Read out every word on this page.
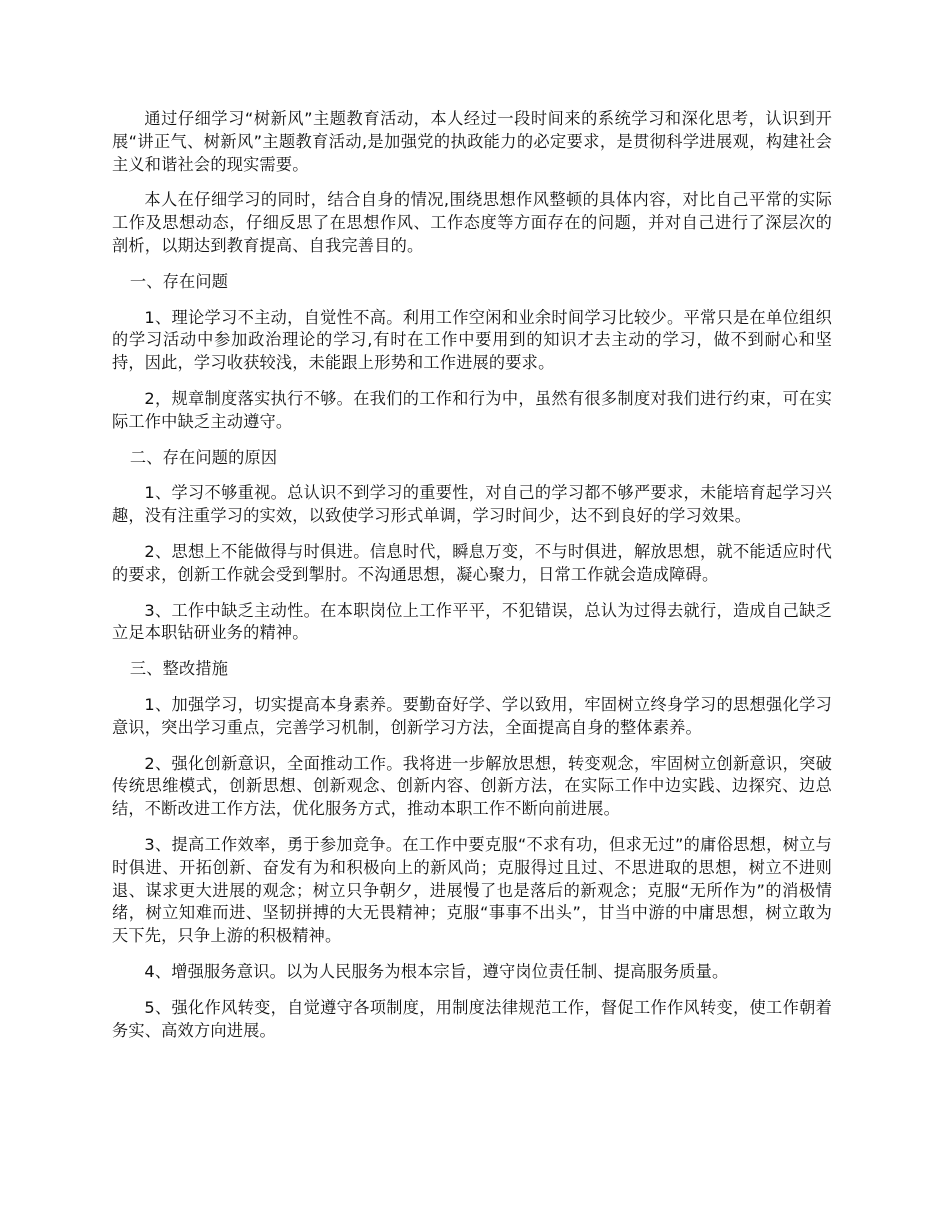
通过仔细学习“树新风”主题教育活动，本人经过一段时间来的系统学习和深化思考，认识到开展“讲正气、树新风”主题教育活动,是加强党的执政能力的必定要求，是贯彻科学进展观，构建社会主义和谐社会的现实需要。

本人在仔细学习的同时，结合自身的情况,围绕思想作风整顿的具体内容，对比自己平常的实际工作及思想动态，仔细反思了在思想作风、工作态度等方面存在的问题，并对自己进行了深层次的剖析，以期达到教育提高、自我完善目的。

一、存在问题

1、理论学习不主动，自觉性不高。利用工作空闲和业余时间学习比较少。平常只是在单位组织的学习活动中参加政治理论的学习,有时在工作中要用到的知识才去主动的学习，做不到耐心和坚持，因此，学习收获较浅，未能跟上形势和工作进展的要求。

2，规章制度落实执行不够。在我们的工作和行为中，虽然有很多制度对我们进行约束，可在实际工作中缺乏主动遵守。

二、存在问题的原因

1、学习不够重视。总认识不到学习的重要性，对自己的学习都不够严要求，未能培育起学习兴趣，没有注重学习的实效，以致使学习形式单调，学习时间少，达不到良好的学习效果。

2、思想上不能做得与时俱进。信息时代，瞬息万变，不与时俱进，解放思想，就不能适应时代的要求，创新工作就会受到掣肘。不沟通思想，凝心聚力，日常工作就会造成障碍。

3、工作中缺乏主动性。在本职岗位上工作平平，不犯错误，总认为过得去就行，造成自己缺乏立足本职钻研业务的精神。

三、整改措施

1、加强学习，切实提高本身素养。要勤奋好学、学以致用，牢固树立终身学习的思想强化学习意识，突出学习重点，完善学习机制，创新学习方法，全面提高自身的整体素养。

2、强化创新意识，全面推动工作。我将进一步解放思想，转变观念，牢固树立创新意识，突破传统思维模式，创新思想、创新观念、创新内容、创新方法，在实际工作中边实践、边探究、边总结，不断改进工作方法，优化服务方式，推动本职工作不断向前进展。

3、提高工作效率，勇于参加竞争。在工作中要克服“不求有功，但求无过”的庸俗思想，树立与时俱进、开拓创新、奋发有为和积极向上的新风尚；克服得过且过、不思进取的思想，树立不进则退、谋求更大进展的观念；树立只争朝夕，进展慢了也是落后的新观念；克服“无所作为”的消极情绪，树立知难而进、坚韧拼搏的大无畏精神；克服“事事不出头”，甘当中游的中庸思想，树立敢为天下先，只争上游的积极精神。

4、增强服务意识。以为人民服务为根本宗旨，遵守岗位责任制、提高服务质量。

5、强化作风转变，自觉遵守各项制度，用制度法律规范工作，督促工作作风转变，使工作朝着务实、高效方向进展。
